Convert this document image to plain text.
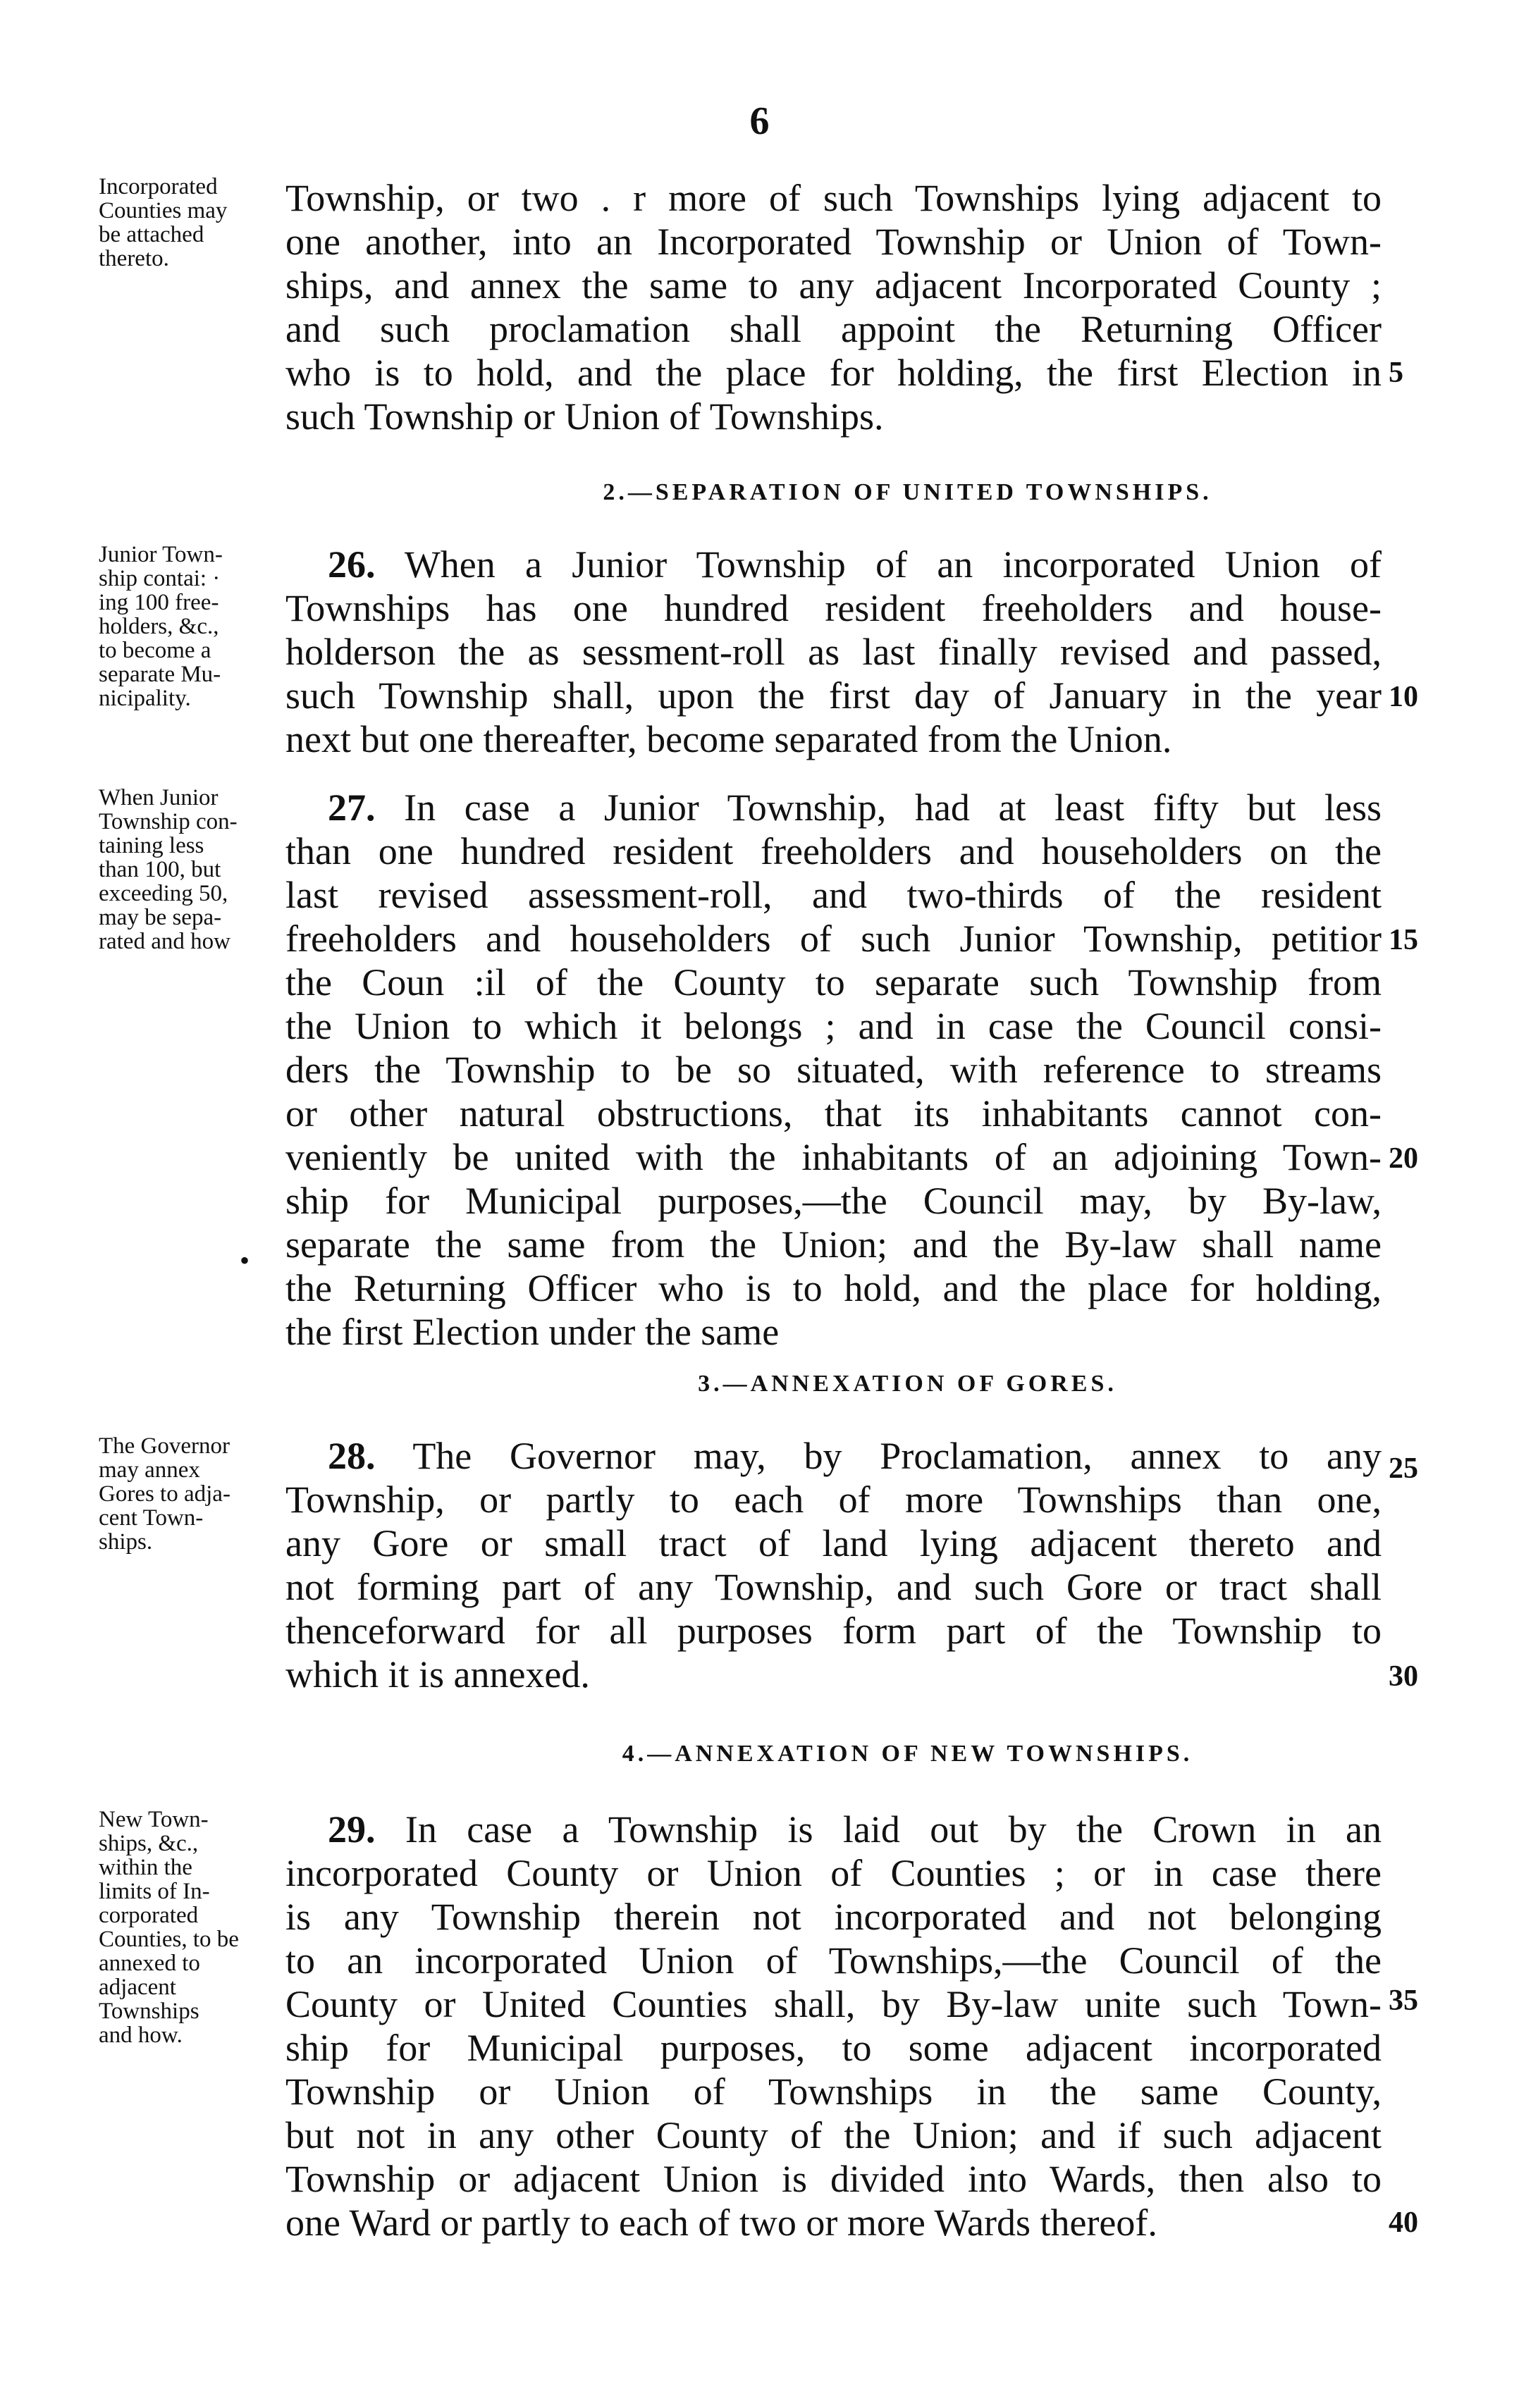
6
Incorporated
Counties may
be attached
thereto.
Township, or two . r more of such Townships lying adjacent to
one another, into an Incorporated Township or Union of Town-
ships, and annex the same to any adjacent Incorporated County ;
and such proclamation shall appoint the Returning Officer
who is to hold, and the place for holding, the first Election in
such Township or Union of Townships.
5
2.—SEPARATION OF UNITED TOWNSHIPS.
Junior Town-
ship contai: ·
ing 100 free-
holders, &c.,
to become a
separate Mu-
nicipality.
26. When a Junior Township of an incorporated Union of
Townships has one hundred resident freeholders and house-
holderson the as sessment-roll as last finally revised and passed,
such Township shall, upon the first day of January in the year
next but one thereafter, become separated from the Union.
10
When Junior
Township con-
taining less
than 100, but
exceeding 50,
may be sepa-
rated and how
27. In case a Junior Township, had at least fifty but less
than one hundred resident freeholders and householders on the
last revised assessment-roll, and two-thirds of the resident
freeholders and householders of such Junior Township, petitior
the Coun :il of the County to separate such Township from
the Union to which it belongs ; and in case the Council consi-
ders the Township to be so situated, with reference to streams
or other natural obstructions, that its inhabitants cannot con-
veniently be united with the inhabitants of an adjoining Town-
ship for Municipal purposes,—the Council may, by By-law,
separate the same from the Union; and the By-law shall name
the Returning Officer who is to hold, and the place for holding,
the first Election under the same
15
20
•
3.—ANNEXATION OF GORES.
The Governor
may annex
Gores to adja-
cent Town-
ships.
28. The Governor may, by Proclamation, annex to any
Township, or partly to each of more Townships than one,
any Gore or small tract of land lying adjacent thereto and
not forming part of any Township, and such Gore or tract shall
thenceforward for all purposes form part of the Township to
which it is annexed.
25
30
4.—ANNEXATION OF NEW TOWNSHIPS.
New Town-
ships, &c.,
within the
limits of In-
corporated
Counties, to be
annexed to
adjacent
Townships
and how.
29. In case a Township is laid out by the Crown in an
incorporated County or Union of Counties ; or in case there
is any Township therein not incorporated and not belonging
to an incorporated Union of Townships,—the Council of the
County or United Counties shall, by By-law unite such Town-
ship for Municipal purposes, to some adjacent incorporated
Township or Union of Townships in the same County,
but not in any other County of the Union; and if such adjacent
Township or adjacent Union is divided into Wards, then also to
one Ward or partly to each of two or more Wards thereof.
35
40
